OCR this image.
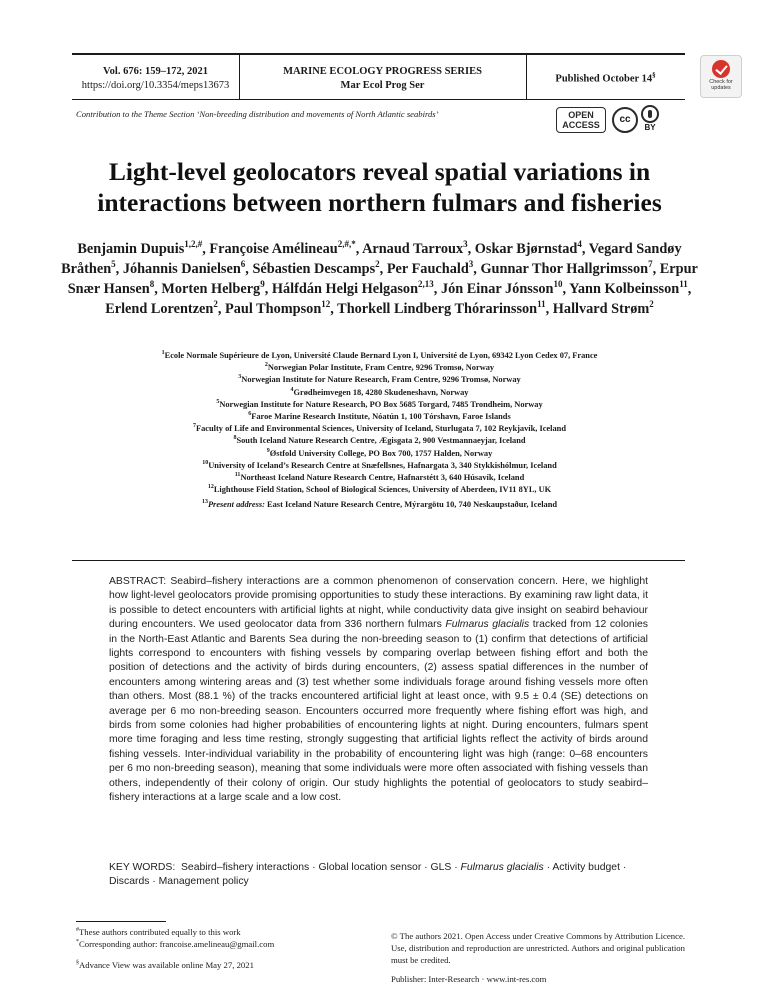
Vol. 676: 159–172, 2021
https://doi.org/10.3354/meps13673
MARINE ECOLOGY PROGRESS SERIES
Mar Ecol Prog Ser
Published October 14§
Check for
updates
Contribution to the Theme Section ‘Non-breeding distribution and movements of North Atlantic seabirds’	OPEN
ACCESS	cc
BY
Light-level geolocators reveal spatial variations in
interactions between northern fulmars and fisheries
Benjamin Dupuis$^{1,2,\#}$, Françoise Amélineau$^{2,\#,*}$, Arnaud Tarroux$^3$, Oskar Bjørnstad$^4$, Vegard Sandøy Bråthen$^5$, Jóhannis Danielsen$^6$, Sébastien Descamps$^2$, Per Fauchald$^3$, Gunnar Thor Hallgrimsson$^7$, Erpur Snær Hansen$^8$, Morten Helberg$^9$, Hálfdán Helgi Helgason$^{2,13}$, Jón Einar Jónsson$^{10}$, Yann Kolbeinsson$^{11}$, Erlend Lorentzen$^2$, Paul Thompson$^{12}$, Thorkell Lindberg Thórarinsson$^{11}$, Hallvard Strøm$^2$
$^1$Ecole Normale Supérieure de Lyon, Université Claude Bernard Lyon I, Université de Lyon, 69342 Lyon Cedex 07, France
$^2$Norwegian Polar Institute, Fram Centre, 9296 Tromsø, Norway
$^3$Norwegian Institute for Nature Research, Fram Centre, 9296 Tromsø, Norway
$^4$Grødheimvegen 18, 4280 Skudeneshavn, Norway
$^5$Norwegian Institute for Nature Research, PO Box 5685 Torgard, 7485 Trondheim, Norway
$^6$Faroe Marine Research Institute, Nóatún 1, 100 Tórshavn, Faroe Islands
$^7$Faculty of Life and Environmental Sciences, University of Iceland, Sturlugata 7, 102 Reykjavík, Iceland
$^8$South Iceland Nature Research Centre, Ægisgata 2, 900 Vestmannaeyjar, Iceland
$^9$Østfold University College, PO Box 700, 1757 Halden, Norway
$^{10}$University of Iceland’s Research Centre at Snæfellsnes, Hafnargata 3, 340 Stykkishólmur, Iceland
$^{11}$Northeast Iceland Nature Research Centre, Hafnarstétt 3, 640 Húsavík, Iceland
$^{12}$Lighthouse Field Station, School of Biological Sciences, University of Aberdeen, IV11 8YL, UK
$^{13}$Present address: East Iceland Nature Research Centre, Mýrargötu 10, 740 Neskaupstaður, Iceland
ABSTRACT: Seabird–fishery interactions are a common phenomenon of conservation concern. Here, we highlight how light-level geolocators provide promising opportunities to study these interactions. By examining raw light data, it is possible to detect encounters with artificial lights at night, while conductivity data give insight on seabird behaviour during encounters. We used geolocator data from 336 northern fulmars Fulmarus glacialis tracked from 12 colonies in the North-East Atlantic and Barents Sea during the non-breeding season to (1) confirm that detections of artificial lights correspond to encounters with fishing vessels by comparing overlap between fishing effort and both the position of detections and the activity of birds during encounters, (2) assess spatial differences in the number of encounters among wintering areas and (3) test whether some individuals forage around fishing vessels more often than others. Most (88.1 %) of the tracks encountered artificial light at least once, with 9.5 ± 0.4 (SE) detections on average per 6 mo non-breeding season. Encounters occurred more frequently where fishing effort was high, and birds from some colonies had higher probabilities of encountering lights at night. During encounters, fulmars spent more time foraging and less time resting, strongly suggesting that artificial lights reflect the activity of birds around fishing vessels. Inter-individual variability in the probability of encountering light was high (range: 0–68 encounters per 6 mo non-breeding season), meaning that some individuals were more often associated with fishing vessels than others, independently of their colony of origin. Our study highlights the potential of geolocators to study seabird–fishery interactions at a large scale and a low cost.
KEY WORDS: Seabird–fishery interactions · Global location sensor · GLS · Fulmarus glacialis · Activity budget · Discards · Management policy
#These authors contributed equally to this work
*Corresponding author: francoise.amelineau@gmail.com
§Advance View was available online May 27, 2021
© The authors 2021. Open Access under Creative Commons by Attribution Licence. Use, distribution and reproduction are unrestricted. Authors and original publication must be credited.
Publisher: Inter-Research · www.int-res.com
